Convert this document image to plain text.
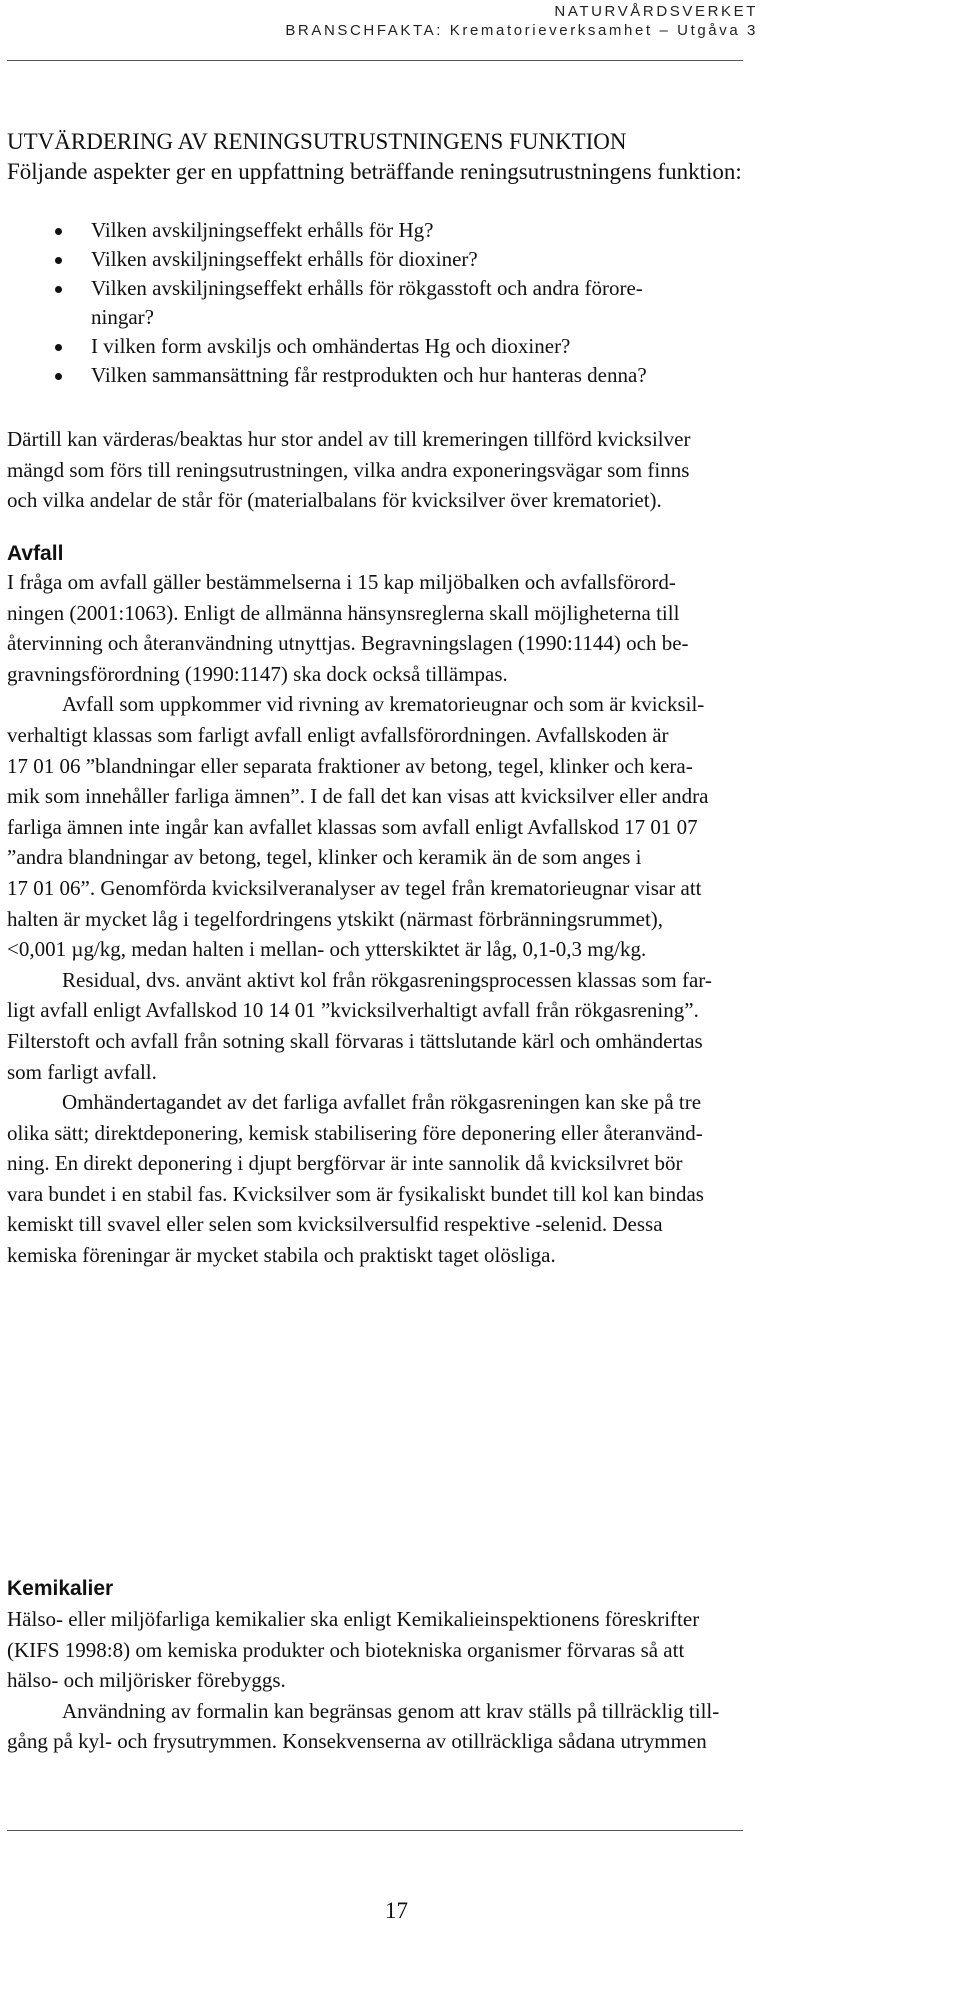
NATURVÅRDSVERKET
BRANSCHFAKTA: Krematorieverksamhet – Utgåva 3
UTVÄRDERING AV RENINGSUTRUSTNINGENS FUNKTION
Följande aspekter ger en uppfattning beträffande reningsutrustningens funktion:
Vilken avskiljningseffekt erhålls för Hg?
Vilken avskiljningseffekt erhålls för dioxiner?
Vilken avskiljningseffekt erhålls för rökgasstoft och andra förore-
ningar?
I vilken form avskiljs och omhändertas Hg och dioxiner?
Vilken sammansättning får restprodukten och hur hanteras denna?
Därtill kan värderas/beaktas hur stor andel av till kremeringen tillförd kvicksilver
mängd som förs till reningsutrustningen, vilka andra exponeringsvägar som finns
och vilka andelar de står för (materialbalans för kvicksilver över krematoriet).
Avfall
I fråga om avfall gäller bestämmelserna i 15 kap miljöbalken och avfallsförord-
ningen (2001:1063). Enligt de allmänna hänsynsreglerna skall möjligheterna till
återvinning och återanvändning utnyttjas. Begravningslagen (1990:1144) och be-
gravningsförordning (1990:1147) ska dock också tillämpas.
Avfall som uppkommer vid rivning av krematorieugnar och som är kvicksil-
verhaltigt klassas som farligt avfall enligt avfallsförordningen. Avfallskoden är
17 01 06 ”blandningar eller separata fraktioner av betong, tegel, klinker och kera-
mik som innehåller farliga ämnen”. I de fall det kan visas att kvicksilver eller andra
farliga ämnen inte ingår kan avfallet klassas som avfall enligt Avfallskod 17 01 07
”andra blandningar av betong, tegel, klinker och keramik än de som anges i
17 01 06”. Genomförda kvicksilveranalyser av tegel från krematorieugnar visar att
halten är mycket låg i tegelfordringens ytskikt (närmast förbränningsrummet),
<0,001 µg/kg, medan halten i mellan- och ytterskiktet är låg, 0,1-0,3 mg/kg.
Residual, dvs. använt aktivt kol från rökgasreningsprocessen klassas som far-
ligt avfall enligt Avfallskod 10 14 01 ”kvicksilverhaltigt avfall från rökgasrening”.
Filterstoft och avfall från sotning skall förvaras i tättslutande kärl och omhändertas
som farligt avfall.
Omhändertagandet av det farliga avfallet från rökgasreningen kan ske på tre
olika sätt; direktdeponering, kemisk stabilisering före deponering eller återanvänd-
ning. En direkt deponering i djupt bergförvar är inte sannolik då kvicksilvret bör
vara bundet i en stabil fas. Kvicksilver som är fysikaliskt bundet till kol kan bindas
kemiskt till svavel eller selen som kvicksilversulfid respektive -selenid. Dessa
kemiska föreningar är mycket stabila och praktiskt taget olösliga.
Kemikalier
Hälso- eller miljöfarliga kemikalier ska enligt Kemikalieinspektionens föreskrifter
(KIFS 1998:8) om kemiska produkter och biotekniska organismer förvaras så att
hälso- och miljörisker förebyggs.
Användning av formalin kan begränsas genom att krav ställs på tillräcklig till-
gång på kyl- och frysutrymmen. Konsekvenserna av otillräckliga sådana utrymmen
17
